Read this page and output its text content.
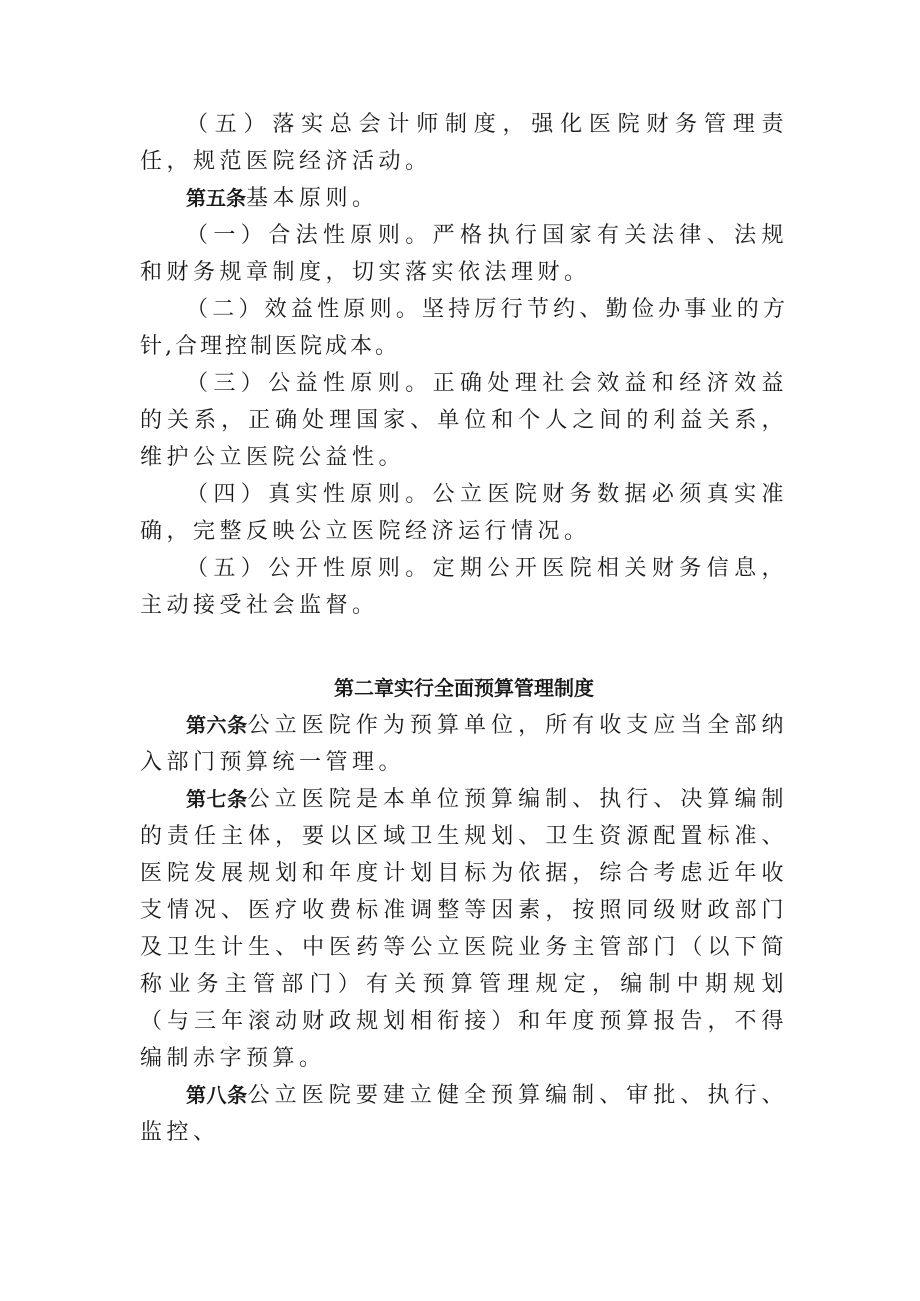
（五）落实总会计师制度，强化医院财务管理责任，规范医院经济活动。

第五条基本原则。

（一）合法性原则。严格执行国家有关法律、法规和财务规章制度，切实落实依法理财。

（二）效益性原则。坚持厉行节约、勤俭办事业的方针,合理控制医院成本。

（三）公益性原则。正确处理社会效益和经济效益的关系，正确处理国家、单位和个人之间的利益关系，维护公立医院公益性。

（四）真实性原则。公立医院财务数据必须真实准确，完整反映公立医院经济运行情况。

（五）公开性原则。定期公开医院相关财务信息，主动接受社会监督。

第二章实行全面预算管理制度

第六条公立医院作为预算单位，所有收支应当全部纳入部门预算统一管理。

第七条公立医院是本单位预算编制、执行、决算编制的责任主体，要以区域卫生规划、卫生资源配置标准、医院发展规划和年度计划目标为依据，综合考虑近年收支情况、医疗收费标准调整等因素，按照同级财政部门及卫生计生、中医药等公立医院业务主管部门（以下简称业务主管部门）有关预算管理规定，编制中期规划（与三年滚动财政规划相衔接）和年度预算报告，不得编制赤字预算。

第八条公立医院要建立健全预算编制、审批、执行、监控、
